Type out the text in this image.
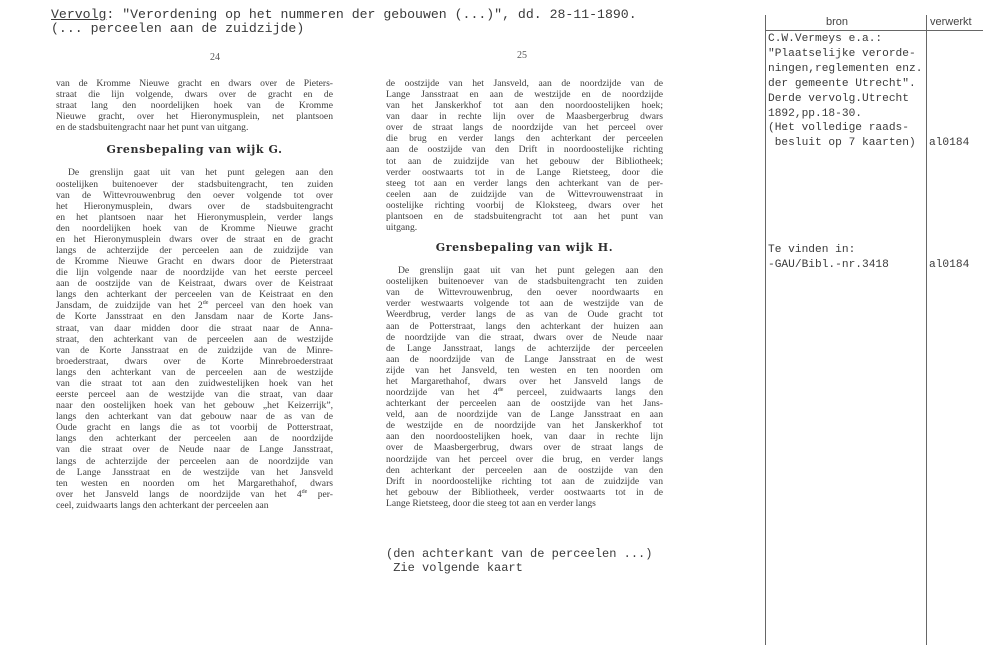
Vervolg: "Verordening op het nummeren der gebouwen (...)", dd. 28-11-1890.
(... perceelen aan de zuidzijde)
24	25
van de Kromme Nieuwe gracht en dwars over de Pieters-
straat die lijn volgende, dwars over de gracht en de
straat lang den noordelijken hoek van de Kromme
Nieuwe gracht, over het Hieronymusplein, net plantsoen
en de stadsbuitengracht naar het punt van uitgang.
Grensbepaling van wijk G.
De grenslijn gaat uit van het punt gelegen aan den
oostelijken buitenoever der stadsbuitengracht, ten zuiden
van de Wittevrouwenbrug den oever volgende tot over
het Hieronymusplein, dwars over de stadsbuitengracht
en het plantsoen naar het Hieronymusplein, verder langs
den noordelijken hoek van de Kromme Nieuwe gracht
en het Hieronymusplein dwars over de straat en de gracht
langs de achterzijde der perceelen aan de zuidzijde van
de Kromme Nieuwe Gracht en dwars door de Pieterstraat
die lijn volgende naar de noordzijde van het eerste perceel
aan de oostzijde van de Keistraat, dwars over de Keistraat
langs den achterkant der perceelen van de Keistraat en den
Jansdam, de zuidzijde van het 2de perceel van den hoek van
de Korte Jansstraat en den Jansdam naar de Korte Jans-
straat, van daar midden door die straat naar de Anna-
straat, den achterkant van de perceelen aan de westzijde
van de Korte Jansstraat en de zuidzijde van de Minre-
broederstraat, dwars over de Korte Minrebroederstraat
langs den achterkant van de perceelen aan de westzijde
van die straat tot aan den zuidwestelijken hoek van het
eerste perceel aan de westzijde van die straat, van daar
naar den oostelijken hoek van het gebouw „het Keizerrijk”,
langs den achterkant van dat gebouw naar de as van de
Oude gracht en langs die as tot voorbij de Potterstraat,
langs den achterkant der perceelen aan de noordzijde
van die straat over de Neude naar de Lange Jansstraat,
langs de achterzijde der perceelen aan de noordzijde van
de Lange Jansstraat en de westzijde van het Jansveld
ten westen en noorden om het Margarethahof, dwars
over het Jansveld langs de noordzijde van het 4de per-
ceel, zuidwaarts langs den achterkant der perceelen aan
de oostzijde van het Jansveld, aan de noordzijde van de
Lange Jansstraat en aan de westzijde en de noordzijde
van het Janskerkhof tot aan den noordoostelijken hoek;
van daar in rechte lijn over de Maasbergerbrug dwars
over de straat langs de noordzijde van het perceel over
die brug en verder langs den achterkant der perceelen
aan de oostzijde van den Drift in noordoostelijke richting
tot aan de zuidzijde van het gebouw der Bibliotheek;
verder oostwaarts tot in de Lange Rietsteeg, door die
steeg tot aan en verder langs den achterkant van de per-
ceelen aan de zuidzijde van de Wittevrouwenstraat in
oostelijke richting voorbij de Kloksteeg, dwars over het
plantsoen en de stadsbuitengracht tot aan het punt van
uitgang.
Grensbepaling van wijk H.
De grenslijn gaat uit van het punt gelegen aan den
oostelijken buitenoever van de stadsbuitengracht ten zuiden
van de Wittevrouwenbrug, den oever noordwaarts en
verder westwaarts volgende tot aan de westzijde van de
Weerdbrug, verder langs de as van de Oude gracht tot
aan de Potterstraat, langs den achterkant der huizen aan
de noordzijde van die straat, dwars over de Neude naar
de Lange Jansstraat, langs de achterzijde der perceelen
aan de noordzijde van de Lange Jansstraat en de west
zijde van het Jansveld, ten westen en ten noorden om
het Margarethahof, dwars over het Jansveld langs de
noordzijde van het 4de perceel, zuidwaarts langs den
achterkant der perceelen aan de oostzijde van het Jans-
veld, aan de noordzijde van de Lange Jansstraat en aan
de westzijde en de noordzijde van het Janskerkhof tot
aan den noordoostelijken hoek, van daar in rechte lijn
over de Maasbergerbrug, dwars over de straat langs de
noordzijde van het perceel over die brug, en verder langs
den achterkant der perceelen aan de oostzijde van den
Drift in noordoostelijke richting tot aan de zuidzijde van
het gebouw der Bibliotheek, verder oostwaarts tot in de
Lange Rietsteeg, door die steeg tot aan en verder langs
(den achterkant van de perceelen ...)
Zie volgende kaart
bron	verwerkt
C.W.Vermeys e.a.:
"Plaatselijke verorde-
ningen,reglementen enz.
der gemeente Utrecht".
Derde vervolg.Utrecht
1892,pp.18-30.
(Het volledige raads-
besluit op 7 kaarten)	al0184
Te vinden in:
-GAU/Bibl.-nr.3418	al0184
